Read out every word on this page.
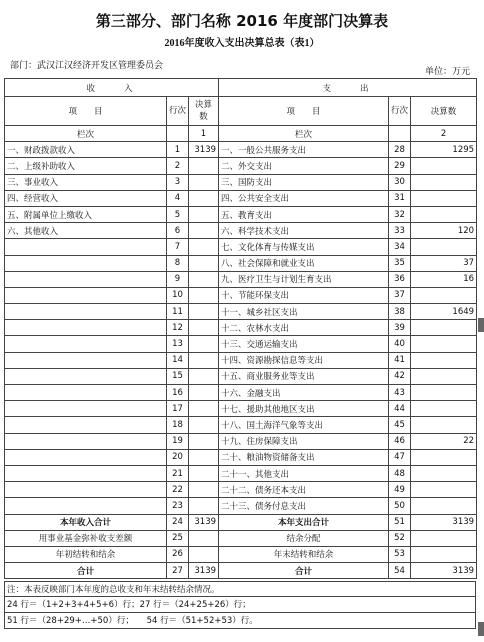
第三部分、部门名称 2016 年度部门决算表
2016年度收入支出决算总表（表1）
部门：武汉江汉经济开发区管理委员会
单位：万元
收　　入			支　　出		
项　　目	行次	决算数	项　　目	行次	决算数
栏次		1	栏次		2
一、财政拨款收入	1	3139	一、一般公共服务支出	28	1295
二、上级补助收入	2		二、外交支出	29	
三、事业收入	3		三、国防支出	30	
四、经营收入	4		四、公共安全支出	31	
五、附属单位上缴收入	5		五、教育支出	32	
六、其他收入	6		六、科学技术支出	33	120
	7		七、文化体育与传媒支出	34	
	8		八、社会保障和就业支出	35	37
	9		九、医疗卫生与计划生育支出	36	16
	10		十、节能环保支出	37	
	11		十一、城乡社区支出	38	1649
	12		十二、农林水支出	39	
	13		十三、交通运输支出	40	
	14		十四、资源勘探信息等支出	41	
	15		十五、商业服务业等支出	42	
	16		十六、金融支出	43	
	17		十七、援助其他地区支出	44	
	18		十八、国土海洋气象等支出	45	
	19		十九、住房保障支出	46	22
	20		二十、粮油物资储备支出	47	
	21		二十一、其他支出	48	
	22		二十二、债务还本支出	49	
	23		二十三、债务付息支出	50	
本年收入合计	24	3139	本年支出合计	51	3139
用事业基金弥补收支差额	25		结余分配	52	
年初结转和结余	26		年末结转和结余	53	
合计	27	3139	合计	54	3139
注：本表反映部门本年度的总收支和年末结转结余情况。
24 行＝（1+2+3+4+5+6）行；27 行＝（24+25+26）行；
51 行＝（28+29+…+50）行；　　54 行＝（51+52+53）行。
